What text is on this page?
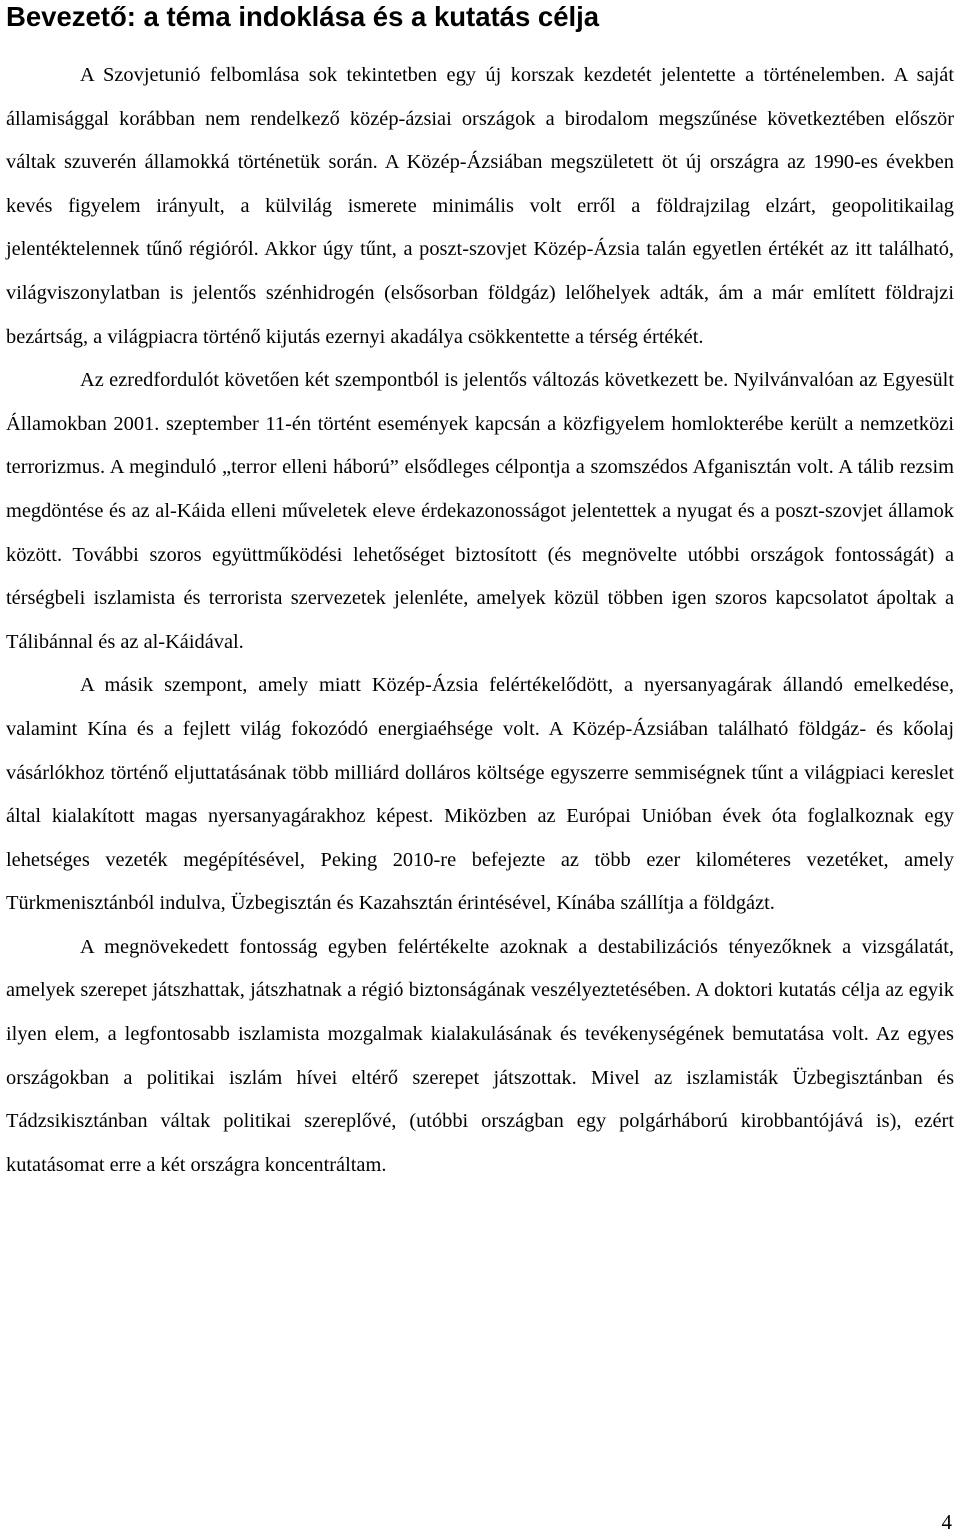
Bevezető: a téma indoklása és a kutatás célja

A Szovjetunió felbomlása sok tekintetben egy új korszak kezdetét jelentette a történelemben. A saját államisággal korábban nem rendelkező közép-ázsiai országok a birodalom megszűnése következtében először váltak szuverén államokká történetük során. A Közép-Ázsiában megszületett öt új országra az 1990-es években kevés figyelem irányult, a külvilág ismerete minimális volt erről a földrajzilag elzárt, geopolitikailag jelentéktelennek tűnő régióról. Akkor úgy tűnt, a poszt-szovjet Közép-Ázsia talán egyetlen értékét az itt található, világviszonylatban is jelentős szénhidrogén (elsősorban földgáz) lelőhelyek adták, ám a már említett földrajzi bezártság, a világpiacra történő kijutás ezernyi akadálya csökkentette a térség értékét.

Az ezredfordulót követően két szempontból is jelentős változás következett be. Nyilvánvalóan az Egyesült Államokban 2001. szeptember 11-én történt események kapcsán a közfigyelem homlokterébe került a nemzetközi terrorizmus. A meginduló „terror elleni háború” elsődleges célpontja a szomszédos Afganisztán volt. A tálib rezsim megdöntése és az al-Káida elleni műveletek eleve érdekazonosságot jelentettek a nyugat és a poszt-szovjet államok között. További szoros együttműködési lehetőséget biztosított (és megnövelte utóbbi országok fontosságát) a térségbeli iszlamista és terrorista szervezetek jelenléte, amelyek közül többen igen szoros kapcsolatot ápoltak a Tálibánnal és az al-Káidával.

A másik szempont, amely miatt Közép-Ázsia felértékelődött, a nyersanyagárak állandó emelkedése, valamint Kína és a fejlett világ fokozódó energiaéhsége volt. A Közép-Ázsiában található földgáz- és kőolaj vásárlókhoz történő eljuttatásának több milliárd dolláros költsége egyszerre semmiségnek tűnt a világpiaci kereslet által kialakított magas nyersanyagárakhoz képest. Miközben az Európai Unióban évek óta foglalkoznak egy lehetséges vezeték megépítésével, Peking 2010-re befejezte az több ezer kilométeres vezetéket, amely Türkmenisztánból indulva, Üzbegisztán és Kazahsztán érintésével, Kínába szállítja a földgázt.

A megnövekedett fontosság egyben felértékelte azoknak a destabilizációs tényezőknek a vizsgálatát, amelyek szerepet játszhattak, játszhatnak a régió biztonságának veszélyeztetésében. A doktori kutatás célja az egyik ilyen elem, a legfontosabb iszlamista mozgalmak kialakulásának és tevékenységének bemutatása volt. Az egyes országokban a politikai iszlám hívei eltérő szerepet játszottak. Mivel az iszlamisták Üzbegisztánban és Tádzsikisztánban váltak politikai szereplővé, (utóbbi országban egy polgárháború kirobbantójává is), ezért kutatásomat erre a két országra koncentráltam.

4
